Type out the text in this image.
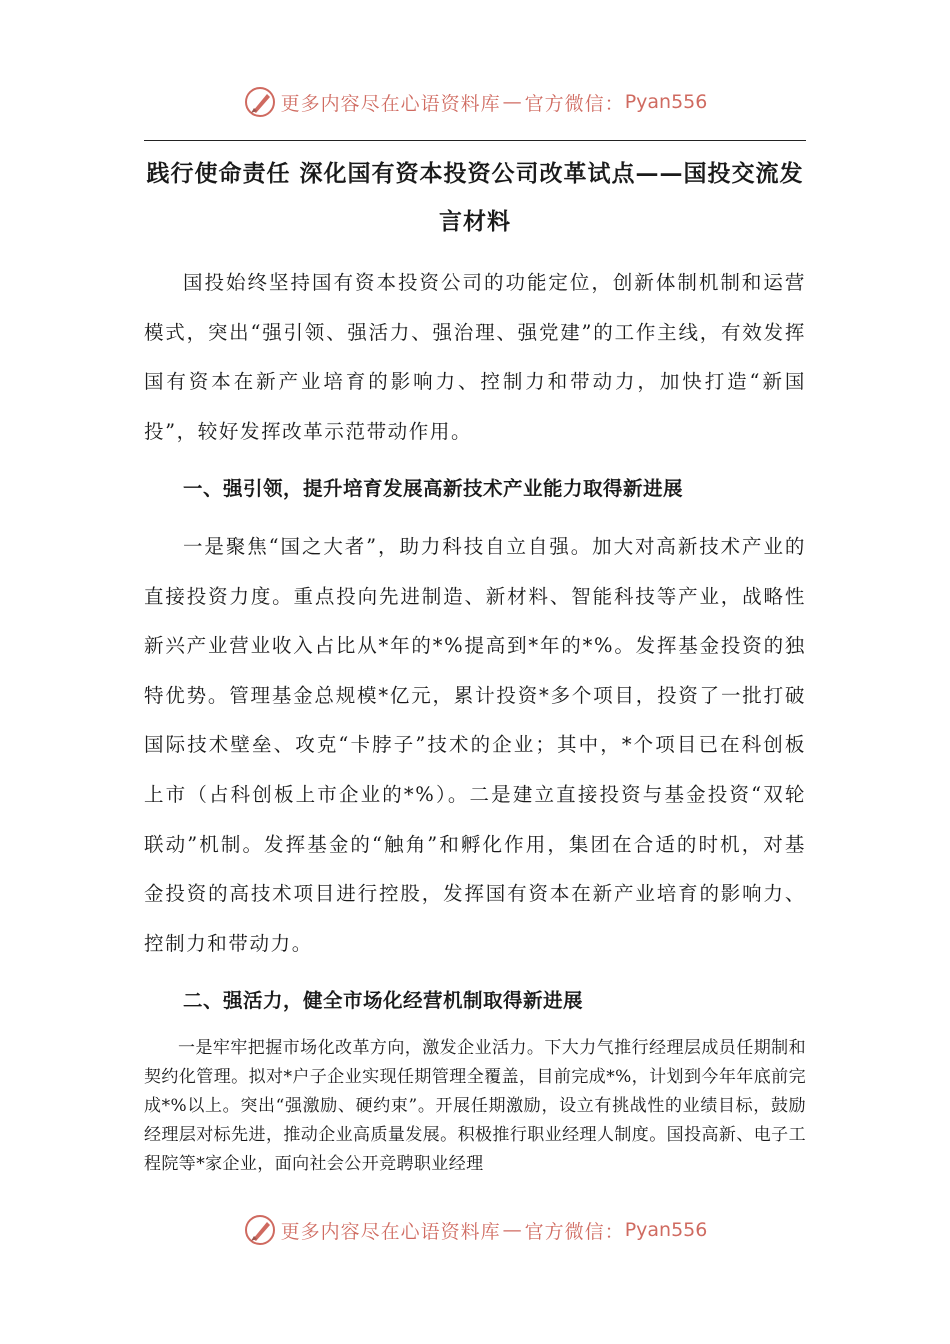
更多内容尽在心语资料库 — 官方微信： Pyan556
践行使命责任 深化国有资本投资公司改革试点——国投交流发言材料

国投始终坚持国有资本投资公司的功能定位，创新体制机制和运营模式，突出“强引领、强活力、强治理、强党建”的工作主线，有效发挥国有资本在新产业培育的影响力、控制力和带动力，加快打造“新国投”，较好发挥改革示范带动作用。

一、强引领，提升培育发展高新技术产业能力取得新进展

一是聚焦“国之大者”，助力科技自立自强。加大对高新技术产业的直接投资力度。重点投向先进制造、新材料、智能科技等产业，战略性新兴产业营业收入占比从*年的*%提高到*年的*%。发挥基金投资的独特优势。管理基金总规模*亿元，累计投资*多个项目，投资了一批打破国际技术壁垒、攻克“卡脖子”技术的企业；其中，*个项目已在科创板上市（占科创板上市企业的*%）。二是建立直接投资与基金投资“双轮联动”机制。发挥基金的“触角”和孵化作用，集团在合适的时机，对基金投资的高技术项目进行控股，发挥国有资本在新产业培育的影响力、控制力和带动力。

二、强活力，健全市场化经营机制取得新进展

一是牢牢把握市场化改革方向，激发企业活力。下大力气推行经理层成员任期制和契约化管理。拟对*户子企业实现任期管理全覆盖，目前完成*%，计划到今年年底前完成*%以上。突出“强激励、硬约束”。开展任期激励，设立有挑战性的业绩目标，鼓励经理层对标先进，推动企业高质量发展。积极推行职业经理人制度。国投高新、电子工程院等*家企业，面向社会公开竞聘职业经理

更多内容尽在心语资料库 — 官方微信： Pyan556
